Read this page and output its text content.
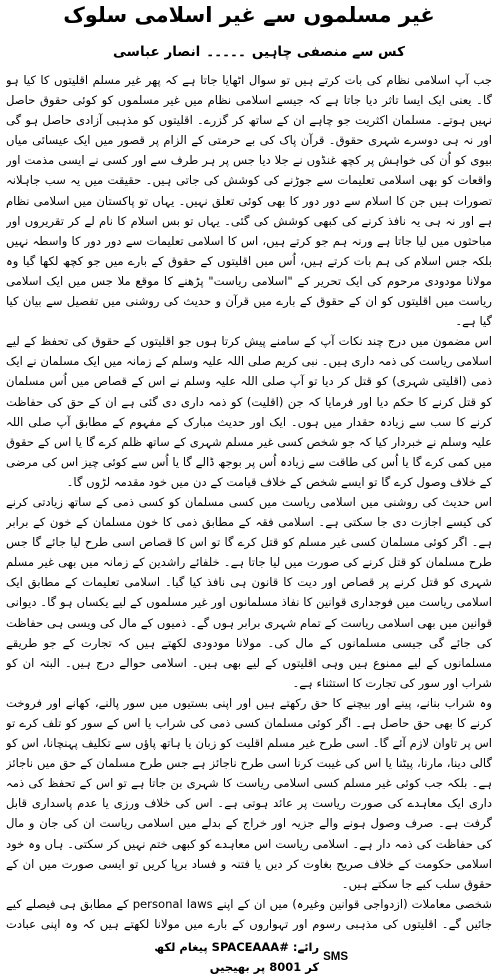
غیر مسلموں سے غیر اسلامی سلوک
کس سے منصفی چاہیں
۔۔۔۔۔
انصار عباسی

جب آپ اسلامی نظام کی بات کرتے ہیں تو سوال اٹھایا جاتا ہے کہ پھر غیر مسلم اقلیتوں کا کیا ہو گا۔ یعنی ایک ایسا تاثر دیا جاتا ہے کہ جیسے اسلامی نظام میں غیر مسلموں کو کوئی حقوق حاصل نہیں ہوتے۔ مسلمان اکثریت جو چاہے ان کے ساتھ کر گزرے۔ اقلیتوں کو مذہبی آزادی حاصل ہو گی اور نہ ہی دوسرے شہری حقوق۔ قرآن پاک کی بے حرمتی کے الزام پر قصور میں ایک عیسائی میاں بیوی کو اُن کی خواہش پر کچھ غنڈوں نے جلا دیا جس پر ہر طرف سے اور کسی نے ایسی مذمت اور واقعات کو بھی اسلامی تعلیمات سے جوڑنے کی کوشش کی جاتی ہیں۔ حقیقت میں یہ سب جاہلانہ تصورات ہیں جن کا اسلام سے دور دور کا بھی کوئی تعلق نہیں۔ یہاں تو پاکستان میں اسلامی نظام ہے اور نہ ہی یہ نافذ کرنے کی کبھی کوشش کی گئی۔ یہاں تو بس اسلام کا نام لے کر تقریروں اور مباحثوں میں لیا جاتا ہے ورنہ ہم جو کرتے ہیں، اس کا اسلامی تعلیمات سے دور دور کا واسطہ نہیں بلکہ جس اسلام کی ہم بات کرتے ہیں، اُس میں اقلیتوں کے حقوق کے بارے میں جو کچھ لکھا گیا وہ مولانا مودودی مرحوم کی ایک تحریر کے "اسلامی ریاست" پڑھنے کا موقع ملا جس میں ایک اسلامی ریاست میں اقلیتوں کو ان کے حقوق کے بارے میں قرآن و حدیث کی روشنی میں تفصیل سے بیان کیا گیا ہے۔

اس مضمون میں درج چند نکات آپ کے سامنے پیش کرتا ہوں جو اقلیتوں کے حقوق کی تحفظ کے لیے اسلامی ریاست کی ذمہ داری ہیں۔ نبی کریم صلی اللہ علیہ وسلم کے زمانہ میں ایک مسلمان نے ایک ذمی (اقلیتی شہری) کو قتل کر دیا تو آپ صلی اللہ علیہ وسلم نے اس کے قصاص میں اُس مسلمان کو قتل کرنے کا حکم دیا اور فرمایا کہ جن (اقلیت) کو ذمہ داری دی گئی ہے ان کے حق کی حفاظت کرنے کا سب سے زیادہ حقدار میں ہوں۔ ایک اور حدیث مبارک کے مفہوم کے مطابق آپ صلی اللہ علیہ وسلم نے خبردار کیا کہ جو شخص کسی غیر مسلم شہری کے ساتھ ظلم کرے گا یا اس کے حقوق میں کمی کرے گا یا اُس کی طاقت سے زیادہ اُس پر بوجھ ڈالے گا یا اُس سے کوئی چیز اس کی مرضی کے خلاف وصول کرے گا تو ایسے شخص کے خلاف قیامت کے دن میں خود مقدمہ لڑوں گا۔

اس حدیث کی روشنی میں اسلامی ریاست میں کسی مسلمان کو کسی ذمی کے ساتھ زیادتی کرنے کی کیسے اجازت دی جا سکتی ہے۔ اسلامی فقہ کے مطابق ذمی کا خون مسلمان کے خون کے برابر ہے۔ اگر کوئی مسلمان کسی غیر مسلم کو قتل کرے گا تو اس کا قصاص اسی طرح لیا جائے گا جس طرح مسلمان کو قتل کرنے کی صورت میں لیا جاتا ہے۔ خلفائے راشدین کے زمانہ میں بھی غیر مسلم شہری کو قتل کرنے پر قصاص اور دیت کا قانون ہی نافذ کیا گیا۔ اسلامی تعلیمات کے مطابق ایک اسلامی ریاست میں فوجداری قوانین کا نفاذ مسلمانوں اور غیر مسلموں کے لیے یکساں ہو گا۔ دیوانی قوانین میں بھی اسلامی ریاست کے تمام شہری برابر ہوں گے۔ ذمیوں کے مال کی ویسی ہی حفاظت کی جائے گی جیسی مسلمانوں کے مال کی۔ مولانا مودودی لکھتے ہیں کہ تجارت کے جو طریقے مسلمانوں کے لیے ممنوع ہیں وہی اقلیتوں کے لیے بھی ہیں۔ اسلامی حوالے درج ہیں۔ البتہ ان کو شراب اور سور کی تجارت کا استثناء ہے۔

وہ شراب بنانے، پینے اور بیچنے کا حق رکھتے ہیں اور اپنی بستیوں میں سور پالنے، کھانے اور فروخت کرنے کا بھی حق حاصل ہے۔ اگر کوئی مسلمان کسی ذمی کی شراب یا اس کے سور کو تلف کرے تو اس پر تاوان لازم آئے گا۔ اسی طرح غیر مسلم اقلیت کو زبان یا ہاتھ پاؤں سے تکلیف پہنچانا، اس کو گالی دینا، مارنا، پیٹنا یا اس کی غیبت کرنا اسی طرح ناجائز ہے جس طرح مسلمان کے حق میں ناجائز ہے۔ بلکہ جب کوئی غیر مسلم کسی اسلامی ریاست کا شہری بن جاتا ہے تو اس کے تحفظ کی ذمہ داری ایک معاہدے کی صورت ریاست پر عائد ہوتی ہے۔ اس کی خلاف ورزی یا عدم پاسداری قابل گرفت ہے۔ صرف وصول ہونے والے جزیہ اور خراج کے بدلے میں اسلامی ریاست ان کی جان و مال کی حفاظت کی ذمہ دار ہے۔ اسلامی ریاست اس معاہدے کو کبھی ختم نہیں کر سکتی۔ ہاں وہ خود اسلامی حکومت کے خلاف صریح بغاوت کر دیں یا فتنہ و فساد برپا کریں تو ایسی صورت میں ان کے حقوق سلب کیے جا سکتے ہیں۔

شخصی معاملات (ازدواجی قوانین وغیرہ) میں ان کے اپنے personal laws کے مطابق ہی فیصلے کیے جائیں گے۔ اقلیتوں کی مذہبی رسوم اور تہواروں کے بارے میں مولانا لکھتے ہیں کہ وہ اپنی عبادت

SMS
رائے: #SPACEAAA پیغام لکھ کر 8001 پر بھیجیں
